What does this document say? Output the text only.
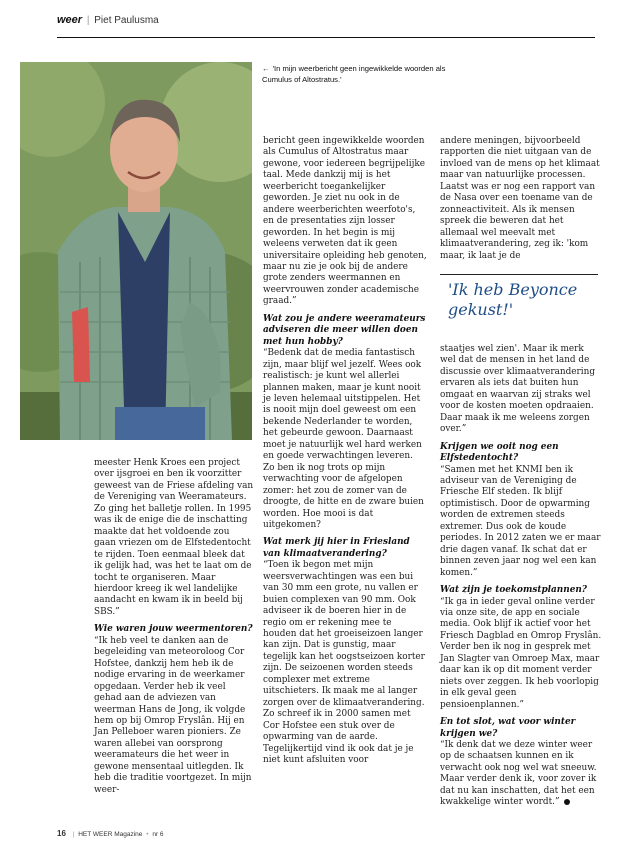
weer | Piet Paulusma
← 'In mijn weerbericht geen ingewikkelde woorden als Cumulus of Altostratus.'

meester Henk Kroes een project over ijsgroei en ben ik voorzitter geweest van de Friese afdeling van de Vereniging van Weeramateurs. Zo ging het balletje rollen. In 1995 was ik de enige die de inschatting maakte dat het voldoende zou gaan vriezen om de Elfstedentocht te rijden. Toen eenmaal bleek dat ik gelijk had, was het te laat om de tocht te organiseren. Maar hierdoor kreeg ik wel landelijke aandacht en kwam ik in beeld bij SBS.”

Wie waren jouw weermentoren?

“Ik heb veel te danken aan de begeleiding van meteoroloog Cor Hofstee, dankzij hem heb ik de nodige ervaring in de weerkamer opgedaan. Verder heb ik veel gehad aan de adviezen van weerman Hans de Jong, ik volgde hem op bij Omrop Fryslân. Hij en Jan Pelleboer waren pioniers. Ze waren allebei van oorsprong weeramateurs die het weer in gewone mensentaal uitlegden. Ik heb die traditie voortgezet. In mijn weer-

bericht geen ingewikkelde woorden als Cumulus of Altostratus maar gewone, voor iedereen begrijpelijke taal. Mede dankzij mij is het weerbericht toegankelijker geworden. Je ziet nu ook in de andere weerberichten weerfoto's, en de presentaties zijn losser geworden. In het begin is mij weleens verweten dat ik geen universitaire opleiding heb genoten, maar nu zie je ook bij de andere grote zenders weermannen en weervrouwen zonder academische graad.”

Wat zou je andere weeramateurs adviseren die meer willen doen met hun hobby?

“Bedenk dat de media fantastisch zijn, maar blijf wel jezelf. Wees ook realistisch: je kunt wel allerlei plannen maken, maar je kunt nooit je leven helemaal uitstippelen. Het is nooit mijn doel geweest om een bekende Nederlander te worden, het gebeurde gewoon. Daarnaast moet je natuurlijk wel hard werken en goede verwachtingen leveren. Zo ben ik nog trots op mijn verwachting voor de afgelopen zomer: het zou de zomer van de droogte, de hitte en de zware buien worden. Hoe mooi is dat uitgekomen?

Wat merk jij hier in Friesland van klimaatverandering?

“Toen ik begon met mijn weersverwachtingen was een bui van 30 mm een grote, nu vallen er buien complexen van 90 mm. Ook adviseer ik de boeren hier in de regio om er rekening mee te houden dat het groeiseizoen langer kan zijn. Dat is gunstig, maar tegelijk kan het oogstseizoen korter zijn. De seizoenen worden steeds complexer met extreme uitschieters. Ik maak me al langer zorgen over de klimaatverandering. Zo schreef ik in 2000 samen met Cor Hofstee een stuk over de opwarming van de aarde. Tegelijkertijd vind ik ook dat je je niet kunt afsluiten voor

andere meningen, bijvoorbeeld rapporten die niet uitgaan van de invloed van de mens op het klimaat maar van natuurlijke processen. Laatst was er nog een rapport van de Nasa over een toename van de zonneactiviteit. Als ik mensen spreek die beweren dat het allemaal wel meevalt met klimaatverandering, zeg ik: 'kom maar, ik laat je de

'Ik heb Beyonce gekust!'

staatjes wel zien'. Maar ik merk wel dat de mensen in het land de discussie over klimaatverandering ervaren als iets dat buiten hun omgaat en waarvan zij straks wel voor de kosten moeten opdraaien. Daar maak ik me weleens zorgen over.”

Krijgen we ooit nog een Elfstedentocht?

“Samen met het KNMI ben ik adviseur van de Vereniging de Friesche Elf steden. Ik blijf optimistisch. Door de opwarming worden de extremen steeds extremer. Dus ook de koude periodes. In 2012 zaten we er maar drie dagen vanaf. Ik schat dat er binnen zeven jaar nog wel een kan komen.”

Wat zijn je toekomstplannen?

“Ik ga in ieder geval online verder via onze site, de app en sociale media. Ook blijf ik actief voor het Friesch Dagblad en Omrop Fryslân. Verder ben ik nog in gesprek met Jan Slagter van Omroep Max, maar daar kan ik op dit moment verder niets over zeggen. Ik heb voorlopig in elk geval geen pensioenplannen.”

En tot slot, wat voor winter krijgen we?

“Ik denk dat we deze winter weer op de schaatsen kunnen en ik verwacht ook nog wel wat sneeuw. Maar verder denk ik, voor zover ik dat nu kan inschatten, dat het een kwakkelige winter wordt.”

16 | HET WEER Magazine • nr 6
